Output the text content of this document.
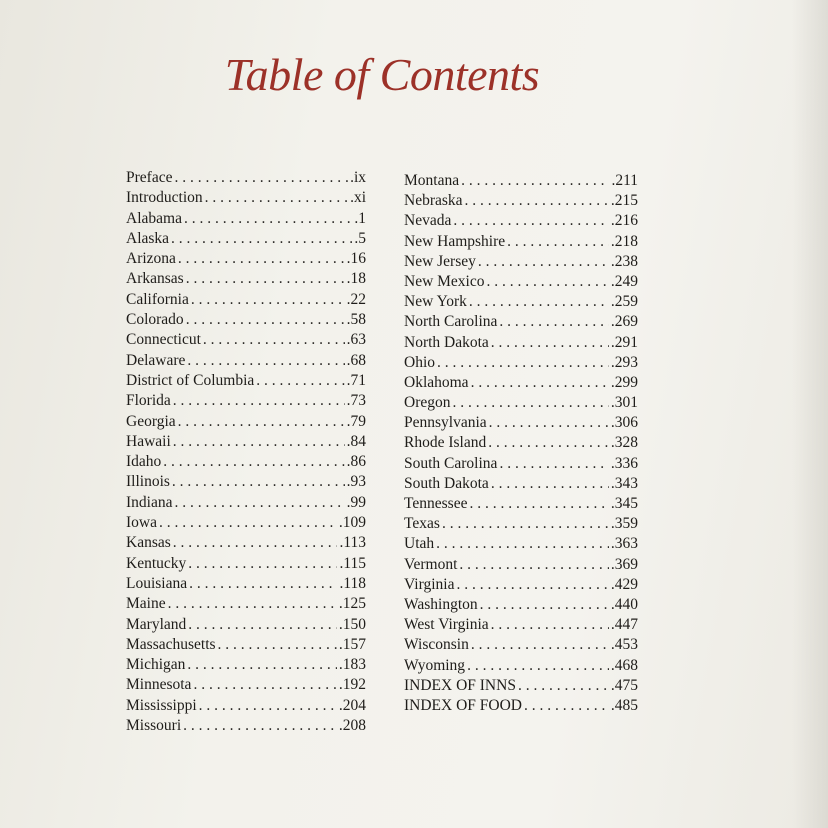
Table of Contents
Preface . . .	.ix
Introduction . . .	.xi
Alabama . . .	.1
Alaska . . .	.5
Arizona . . .	.16
Arkansas . . .	.18
California . . .	.22
Colorado . . .	.58
Connecticut . . .	.63
Delaware . . .	.68
District of Columbia . . .	.71
Florida . . .	.73
Georgia . . .	.79
Hawaii . . .	.84
Idaho . . .	.86
Illinois . . .	.93
Indiana . . .	.99
Iowa . . .	.109
Kansas . . .	.113
Kentucky . . .	.115
Louisiana . . .	.118
Maine . . .	.125
Maryland . . .	.150
Massachusetts . . .	.157
Michigan . . .	.183
Minnesota . . .	.192
Mississippi . . .	.204
Missouri . . .	.208
Montana . . .	.211
Nebraska . . .	.215
Nevada . . .	.216
New Hampshire . . .	.218
New Jersey . . .	.238
New Mexico . . .	.249
New York . . .	.259
North Carolina . . .	.269
North Dakota . . .	.291
Ohio . . .	.293
Oklahoma . . .	.299
Oregon . . .	.301
Pennsylvania . . .	.306
Rhode Island . . .	.328
South Carolina . . .	.336
South Dakota . . .	.343
Tennessee . . .	.345
Texas . . .	.359
Utah . . .	.363
Vermont . . .	.369
Virginia . . .	.429
Washington . . .	.440
West Virginia . . .	.447
Wisconsin . . .	.453
Wyoming . . .	.468
INDEX OF INNS . . .	.475
INDEX OF FOOD . . .	.485
